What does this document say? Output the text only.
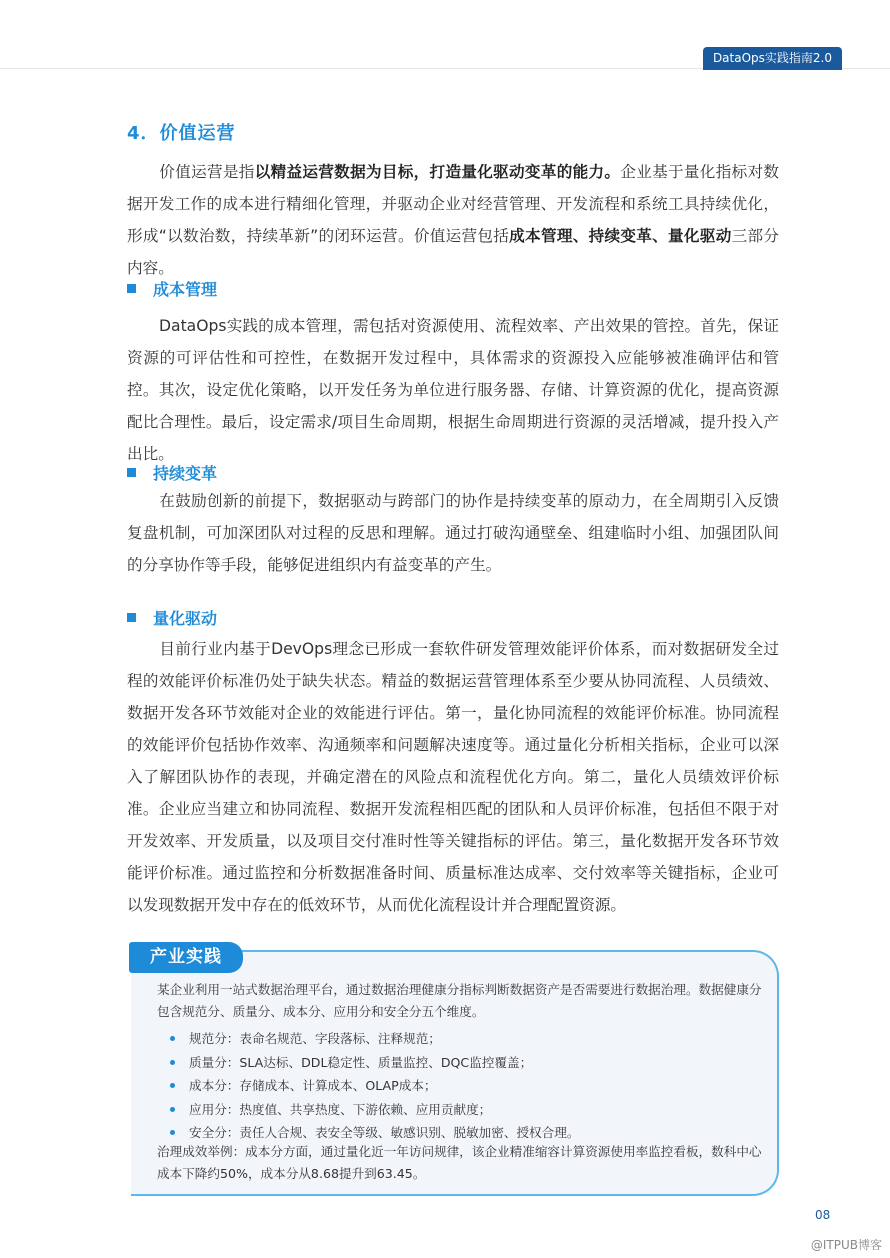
DataOps实践指南2.0
4．价值运营

价值运营是指以精益运营数据为目标，打造量化驱动变革的能力。企业基于量化指标对数据开发工作的成本进行精细化管理，并驱动企业对经营管理、开发流程和系统工具持续优化，形成“以数治数，持续革新”的闭环运营。价值运营包括成本管理、持续变革、量化驱动三部分内容。

成本管理

DataOps实践的成本管理，需包括对资源使用、流程效率、产出效果的管控。首先，保证资源的可评估性和可控性，在数据开发过程中，具体需求的资源投入应能够被准确评估和管控。其次，设定优化策略，以开发任务为单位进行服务器、存储、计算资源的优化，提高资源配比合理性。最后，设定需求/项目生命周期，根据生命周期进行资源的灵活增减，提升投入产出比。

持续变革

在鼓励创新的前提下，数据驱动与跨部门的协作是持续变革的原动力，在全周期引入反馈复盘机制，可加深团队对过程的反思和理解。通过打破沟通壁垒、组建临时小组、加强团队间的分享协作等手段，能够促进组织内有益变革的产生。

量化驱动

目前行业内基于DevOps理念已形成一套软件研发管理效能评价体系，而对数据研发全过程的效能评价标准仍处于缺失状态。精益的数据运营管理体系至少要从协同流程、人员绩效、数据开发各环节效能对企业的效能进行评估。第一，量化协同流程的效能评价标准。协同流程的效能评价包括协作效率、沟通频率和问题解决速度等。通过量化分析相关指标，企业可以深入了解团队协作的表现，并确定潜在的风险点和流程优化方向。第二，量化人员绩效评价标准。企业应当建立和协同流程、数据开发流程相匹配的团队和人员评价标准，包括但不限于对开发效率、开发质量，以及项目交付准时性等关键指标的评估。第三，量化数据开发各环节效能评价标准。通过监控和分析数据准备时间、质量标准达成率、交付效率等关键指标，企业可以发现数据开发中存在的低效环节，从而优化流程设计并合理配置资源。

产业实践

某企业利用一站式数据治理平台，通过数据治理健康分指标判断数据资产是否需要进行数据治理。数据健康分包含规范分、质量分、成本分、应用分和安全分五个维度。

规范分：表命名规范、字段落标、注释规范；
质量分：SLA达标、DDL稳定性、质量监控、DQC监控覆盖；
成本分：存储成本、计算成本、OLAP成本；
应用分：热度值、共享热度、下游依赖、应用贡献度；
安全分：责任人合规、表安全等级、敏感识别、脱敏加密、授权合理。

治理成效举例：成本分方面，通过量化近一年访问规律，该企业精准缩容计算资源使用率监控看板，数科中心成本下降约50%，成本分从8.68提升到63.45。

08
@ITPUB博客
